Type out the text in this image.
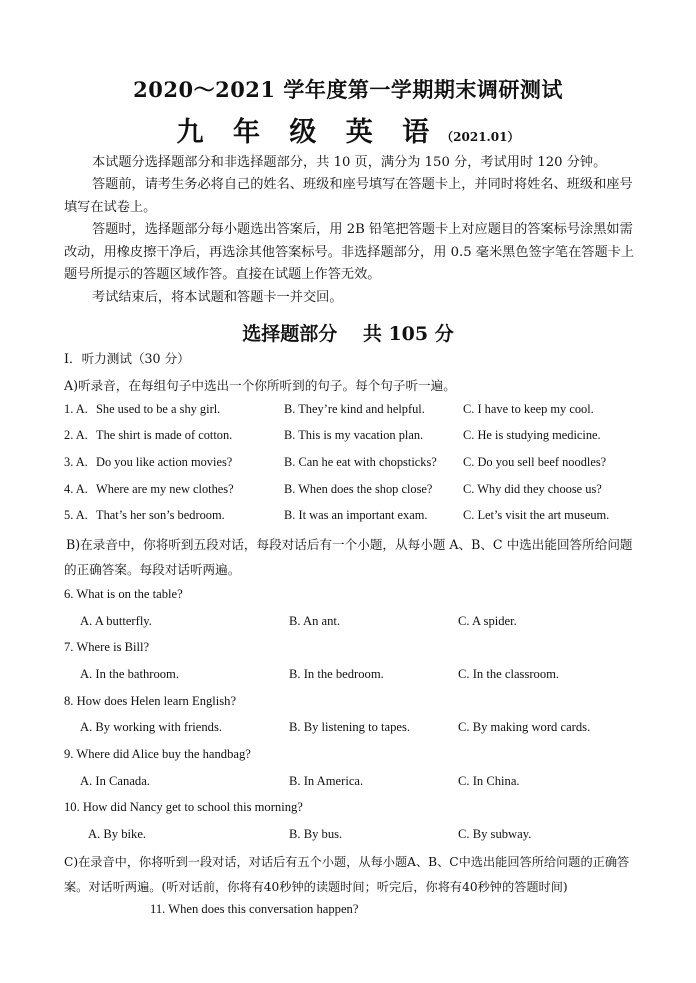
2020～2021 学年度第一学期期末调研测试
九 年 级 英 语 （2021.01）
本试题分选择题部分和非选择题部分，共 10 页，满分为 150 分，考试用时 120 分钟。
答题前，请考生务必将自己的姓名、班级和座号填写在答题卡上，并同时将姓名、班级和座号填写在试卷上。
答题时，选择题部分每小题选出答案后，用 2B 铅笔把答题卡上对应题目的答案标号涂黑如需改动，用橡皮擦干净后，再选涂其他答案标号。非选择题部分，用 0.5 毫米黑色签字笔在答题卡上题号所提示的答题区域作答。直接在试题上作答无效。
考试结束后，将本试题和答题卡一并交回。
选择题部分　 共 105 分
I．听力测试（30 分）
A)听录音，在每组句子中选出一个你所听到的句子。每个句子听一遍。
1. A. She used to be a shy girl.	B. They’re kind and helpful.	C. I have to keep my cool.
2. A. The shirt is made of cotton.	B. This is my vacation plan.	C. He is studying medicine.
3. A. Do you like action movies?	B. Can he eat with chopsticks? C. Do you sell beef noodles?
4. A. Where are my new clothes?	B. When does the shop close? C. Why did they choose us?
5. A. That’s her son’s bedroom.	B. It was an important exam.	C. Let’s visit the art museum.
B)在录音中，你将听到五段对话，每段对话后有一个小题，从每小题 A、B、C 中选出能回答所给问题的正确答案。每段对话听两遍。
6. What is on the table?
A. A butterfly.	B. An ant.	C. A spider.
7. Where is Bill?
A. In the bathroom.	B. In the bedroom.	C. In the classroom.
8. How does Helen learn English?
A. By working with friends.	B. By listening to tapes.	C. By making word cards.
9. Where did Alice buy the handbag?
A. In Canada.	B. In America.	C. In China.
10. How did Nancy get to school this morning?
A. By bike.	B. By bus.	C. By subway.
C)在录音中，你将听到一段对话，对话后有五个小题，从每小题A、B、C中选出能回答所给问题的正确答案。对话听两遍。(听对话前，你将有40秒钟的读题时间；听完后，你将有40秒钟的答题时间)
11. When does this conversation happen?
